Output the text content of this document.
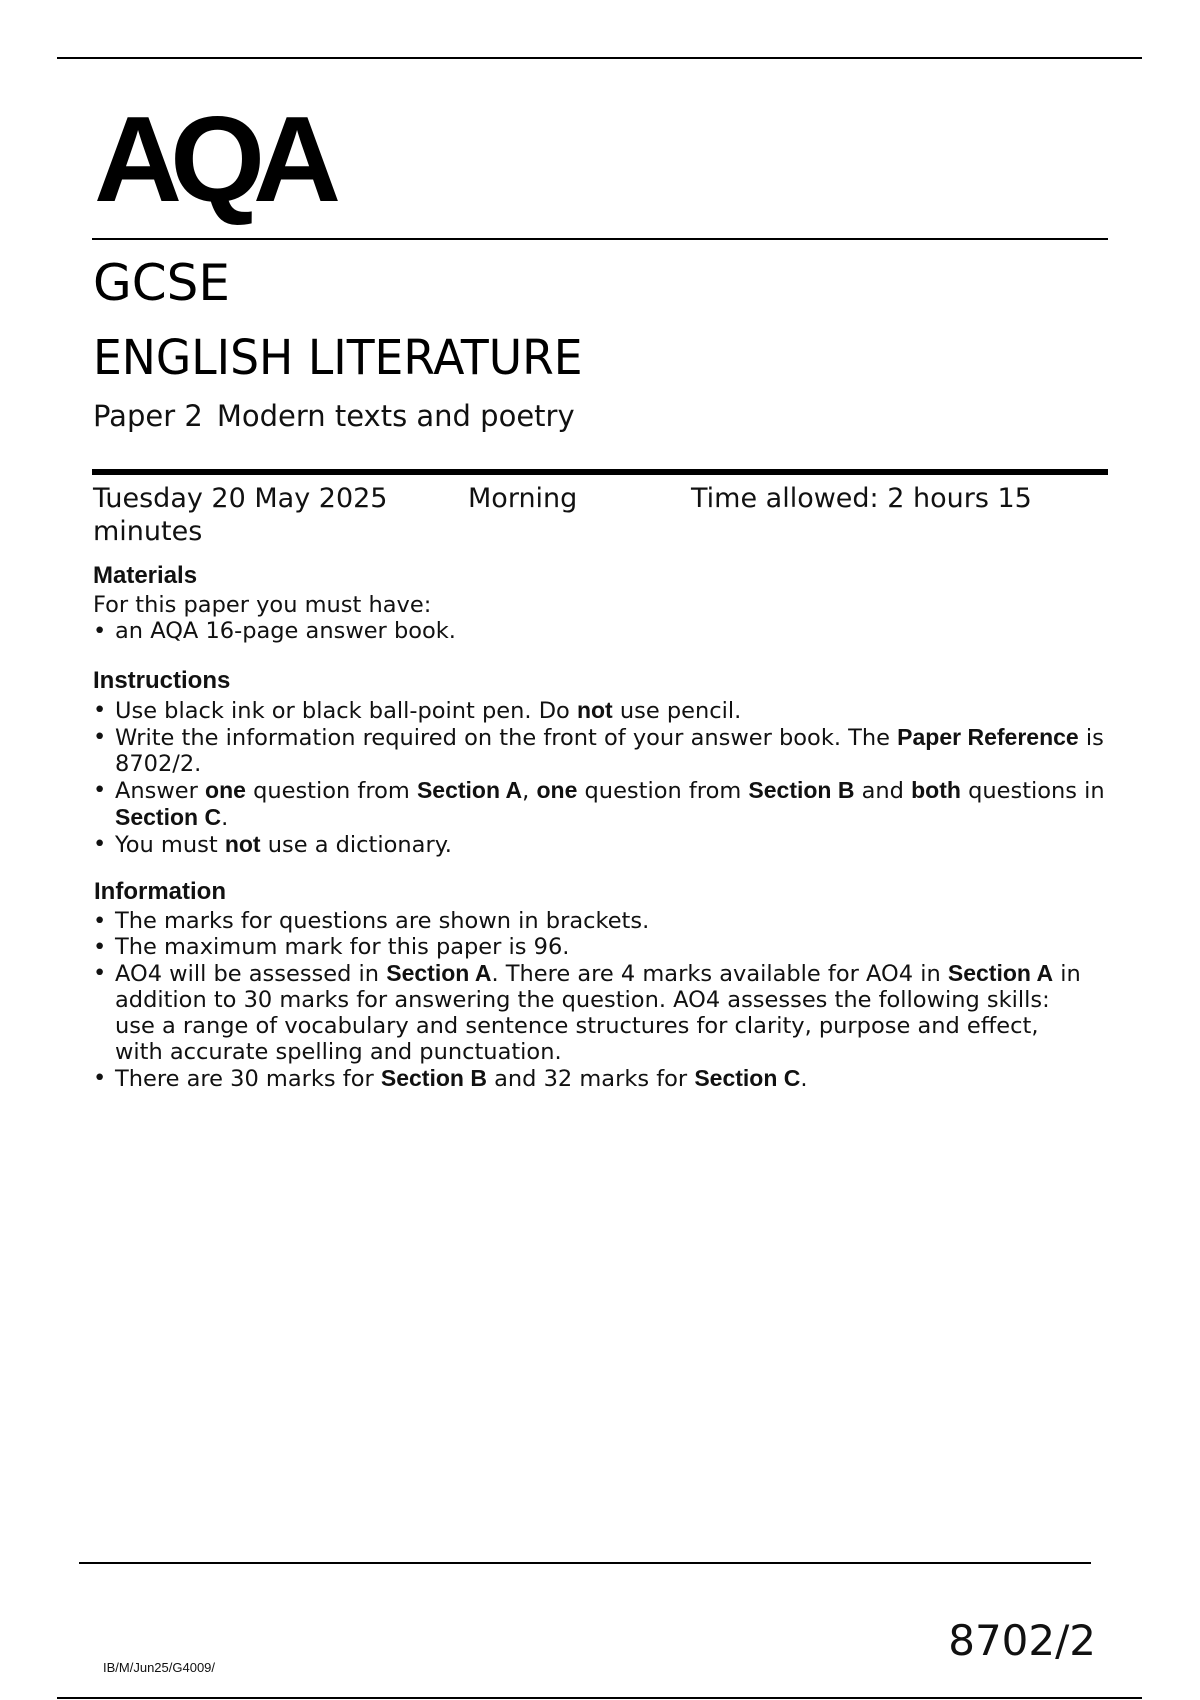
AQA
GCSE
ENGLISH LITERATURE
Paper 2 Modern texts and poetry
Tuesday 20 May 2025	Morning	Time allowed: 2 hours 15 minutes

Materials

For this paper you must have:

• an AQA 16-page answer book.

Instructions

• Use black ink or black ball-point pen. Do not use pencil.
• Write the information required on the front of your answer book. The Paper Reference is 8702/2.
• Answer one question from Section A, one question from Section B and both questions in Section C.
• You must not use a dictionary.

Information

• The marks for questions are shown in brackets.
• The maximum mark for this paper is 96.
• AO4 will be assessed in Section A. There are 4 marks available for AO4 in Section A in addition to 30 marks for answering the question. AO4 assesses the following skills: use a range of vocabulary and sentence structures for clarity, purpose and effect, with accurate spelling and punctuation.
• There are 30 marks for Section B and 32 marks for Section C.
IB/M/Jun25/G4009/
8702/2
